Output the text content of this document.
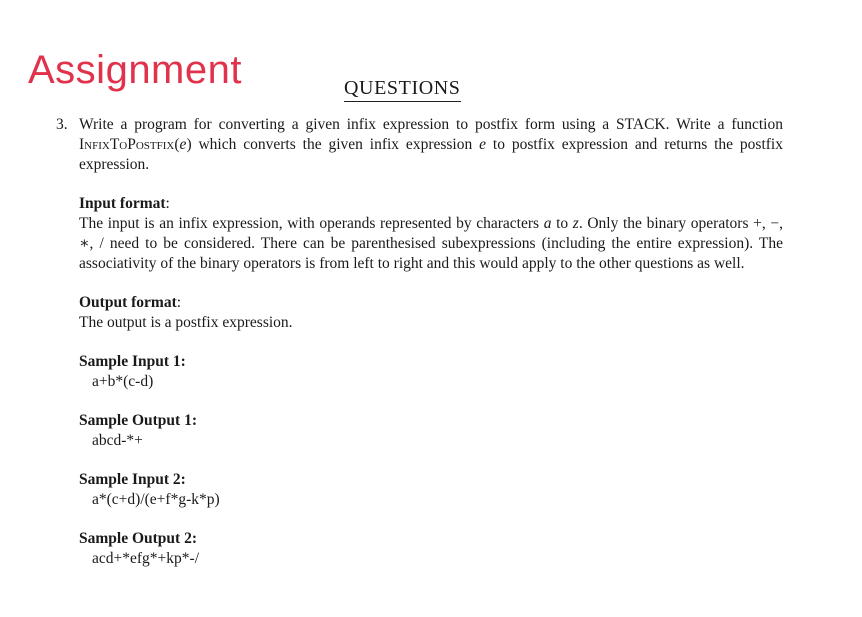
Assignment	QUESTIONS
3. Write a program for converting a given infix expression to postfix form using a STACK. Write a function InfixToPostfix(e) which converts the given infix expression e to postfix expression and returns the postfix expression.

Input format:

The input is an infix expression, with operands represented by characters a to z. Only the binary operators +, −, ∗, / need to be considered. There can be parenthesised subexpressions (including the entire expression). The associativity of the binary operators is from left to right and this would apply to the other questions as well.

Output format:

The output is a postfix expression.

Sample Input 1:
a+b*(c-d)
Sample Output 1:
abcd-*+
Sample Input 2:
a*(c+d)/(e+f*g-k*p)
Sample Output 2:
acd+*efg*+kp*-/
